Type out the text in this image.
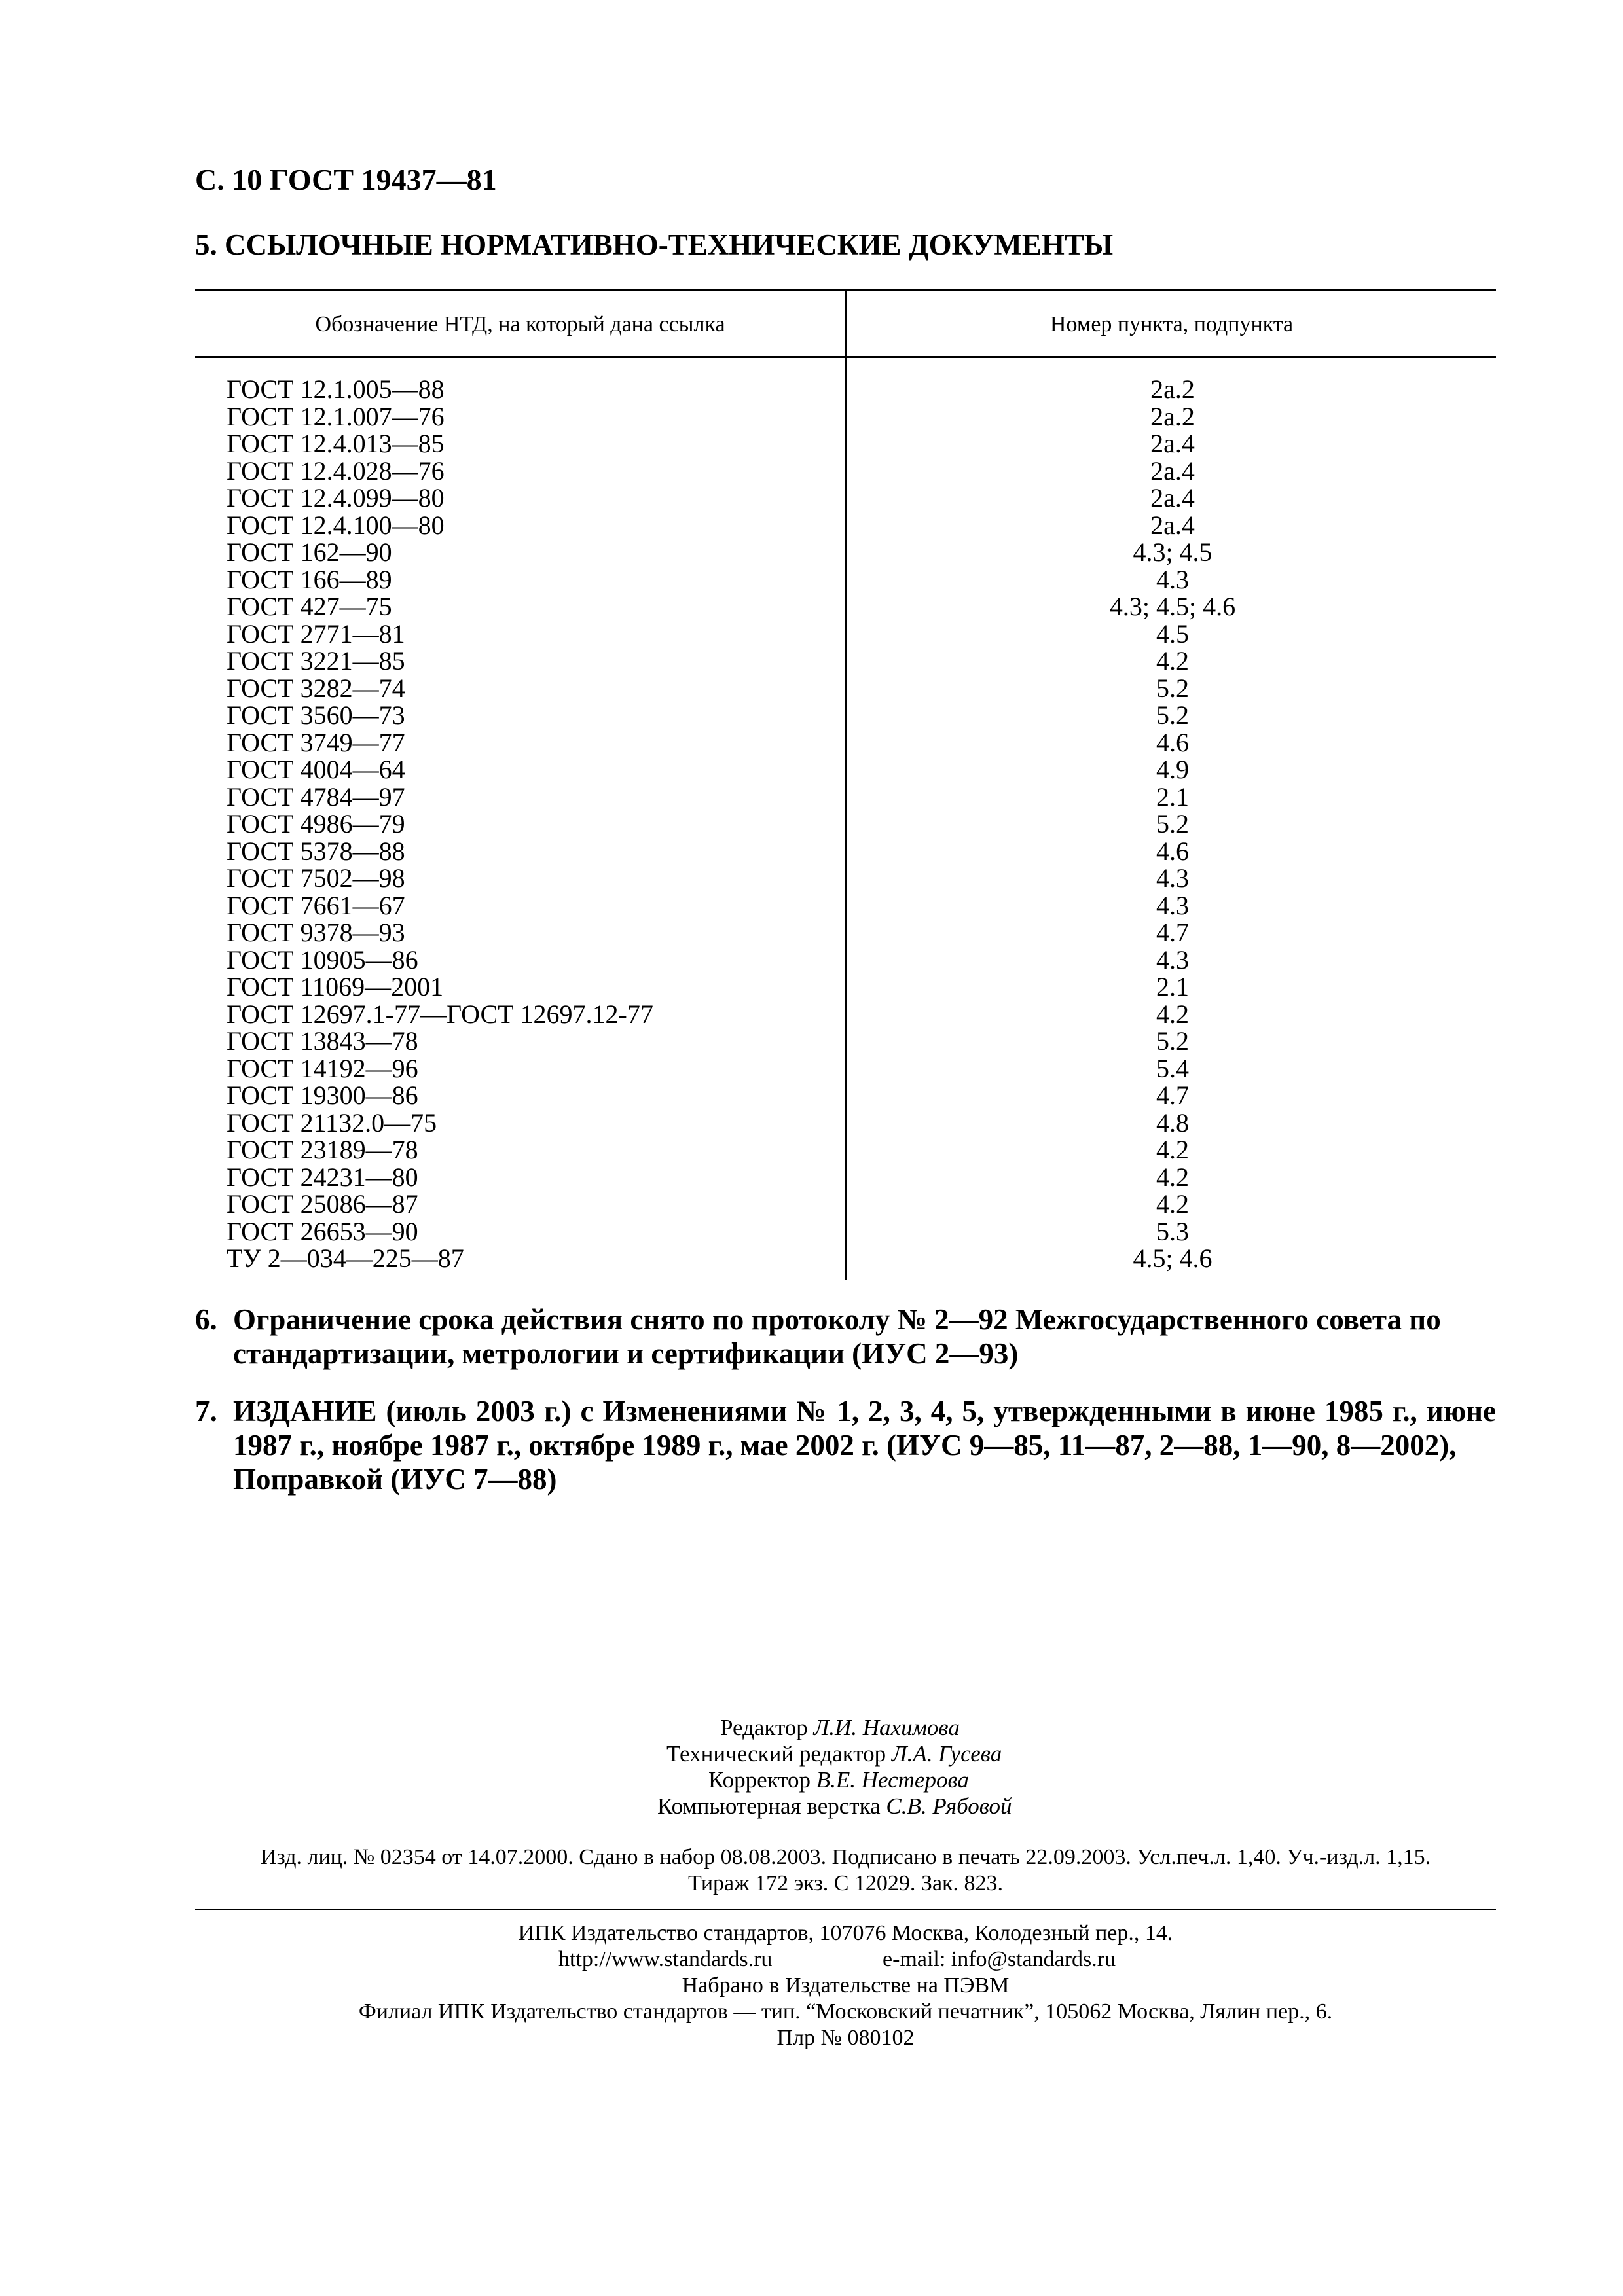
С. 10 ГОСТ 19437—81
5. ССЫЛОЧНЫЕ НОРМАТИВНО-ТЕХНИЧЕСКИЕ ДОКУМЕНТЫ
Обозначение НТД, на который дана ссылка	Номер пункта, подпункта
ГОСТ 12.1.005—88	2а.2
ГОСТ 12.1.007—76	2а.2
ГОСТ 12.4.013—85	2а.4
ГОСТ 12.4.028—76	2а.4
ГОСТ 12.4.099—80	2а.4
ГОСТ 12.4.100—80	2а.4
ГОСТ 162—90	4.3; 4.5
ГОСТ 166—89	4.3
ГОСТ 427—75	4.3; 4.5; 4.6
ГОСТ 2771—81	4.5
ГОСТ 3221—85	4.2
ГОСТ 3282—74	5.2
ГОСТ 3560—73	5.2
ГОСТ 3749—77	4.6
ГОСТ 4004—64	4.9
ГОСТ 4784—97	2.1
ГОСТ 4986—79	5.2
ГОСТ 5378—88	4.6
ГОСТ 7502—98	4.3
ГОСТ 7661—67	4.3
ГОСТ 9378—93	4.7
ГОСТ 10905—86	4.3
ГОСТ 11069—2001	2.1
ГОСТ 12697.1-77—ГОСТ 12697.12-77	4.2
ГОСТ 13843—78	5.2
ГОСТ 14192—96	5.4
ГОСТ 19300—86	4.7
ГОСТ 21132.0—75	4.8
ГОСТ 23189—78	4.2
ГОСТ 24231—80	4.2
ГОСТ 25086—87	4.2
ГОСТ 26653—90	5.3
ТУ 2—034—225—87	4.5; 4.6
6. Ограничение срока действия снято по протоколу № 2—92 Межгосударственного совета по
стандартизации, метрологии и сертификации (ИУС 2—93)
7. ИЗДАНИЕ (июль 2003 г.) с Изменениями № 1, 2, 3, 4, 5, утвержденными в июне 1985 г., июне 1987 г., ноябре 1987 г., октябре 1989 г., мае 2002 г. (ИУС 9—85, 11—87, 2—88, 1—90, 8—2002),
Поправкой (ИУС 7—88)
Редактор Л.И. Нахимова
Технический редактор Л.А. Гусева
Корректор В.Е. Нестерова
Компьютерная верстка С.В. Рябовой
Изд. лиц. № 02354 от 14.07.2000. Сдано в набор 08.08.2003. Подписано в печать 22.09.2003. Усл.печ.л. 1,40. Уч.-изд.л. 1,15.
Тираж 172 экз. С 12029. Зак. 823.
ИПК Издательство стандартов, 107076 Москва, Колодезный пер., 14.
http://www.standards.ru	e-mail: info@standards.ru
Набрано в Издательстве на ПЭВМ
Филиал ИПК Издательство стандартов — тип. “Московский печатник”, 105062 Москва, Лялин пер., 6.
Плр № 080102
